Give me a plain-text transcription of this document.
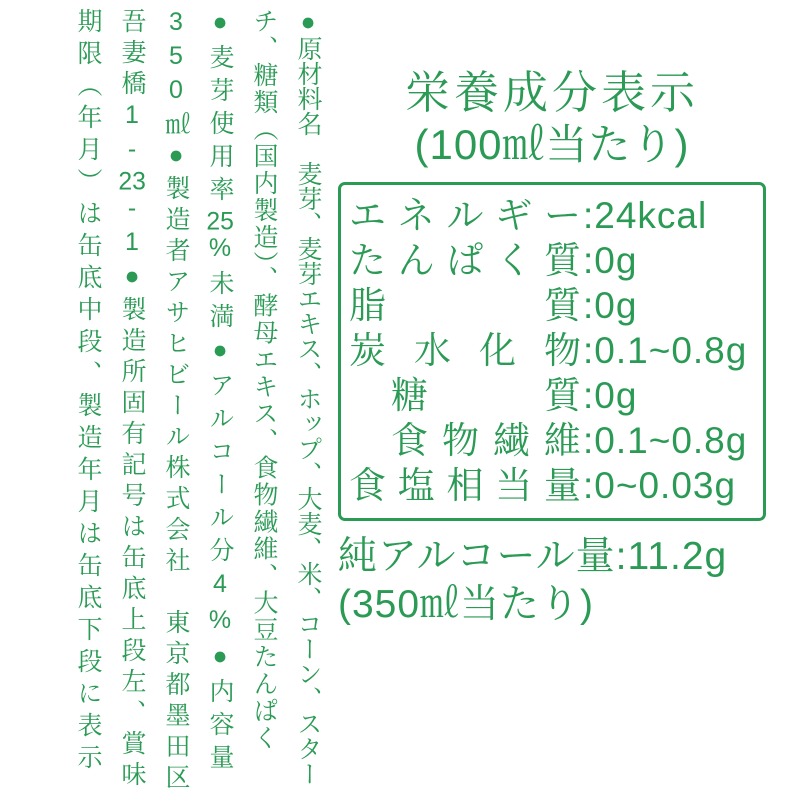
●原材料名　麦芽、麦芽エキス、ホップ、大麦、米、コーン、スター
チ、糖類（国内製造）、酵母エキス、食物繊維、大豆たんぱく
●麦芽使用率25%未満●アルコール分4%●内容量
350㎖●製造者アサヒビール株式会社　東京都墨田区
吾妻橋1-23-1●製造所固有記号は缶底上段左、賞味
期限（年月）は缶底中段、製造年月は缶底下段に表示
栄養成分表示
(100㎖当たり)
エネルギー : 24kcal
たんぱく質 : 0g
脂質 : 0g
炭水化物 : 0.1~0.8g
糖質 : 0g
食物繊維 : 0.1~0.8g
食塩相当量 : 0~0.03g
純アルコール量:11.2g
(350㎖当たり)
